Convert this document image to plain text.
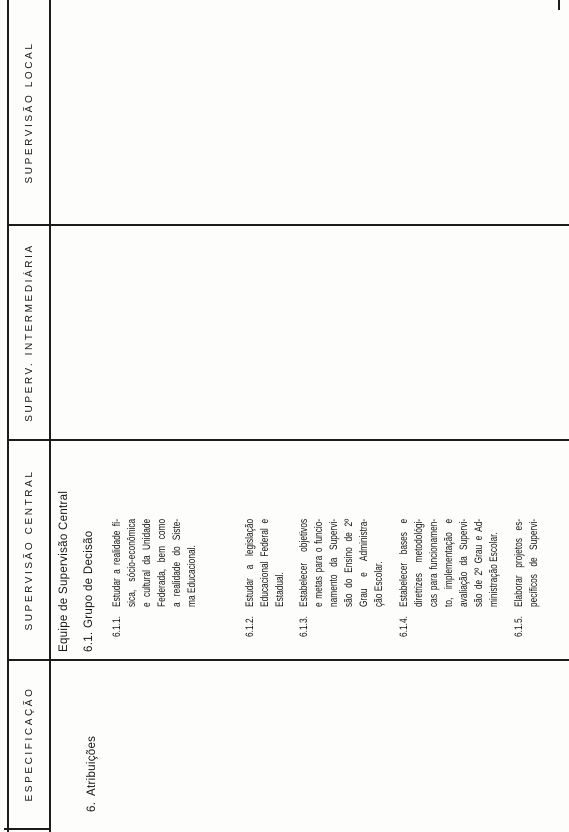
ESPECIFICAÇÃO
SUPERVISÃO CENTRAL
SUPERV. INTERMEDIÁRIA
SUPERVISÃO LOCAL
6.
Atribuições
Equipe de Supervisão Central 6.1.
Grupo de Decisão 6.1.1.
Estudar a realidade fí- sica, sócio-econômica e cultural da Unidade Federada, bem como a realidade do Siste- ma Educacional.
6.1.2.
Estudar a legislação Educacional Federal e Estadual.
6.1.3.
Estabelecer objetivos e metas para o funcio- namento da Supervi- são do Ensino de 2º Grau e Administra- ção Escolar.
6.1.4.
Estabelecer bases e diretrizes metodológi- cas para funcionamen- to, implementação e avaliação da Supervi- são de 2º Grau e Ad- ministração Escolar.
6.1.5.
Elaborar projetos es- pecíficos de Supervi-
